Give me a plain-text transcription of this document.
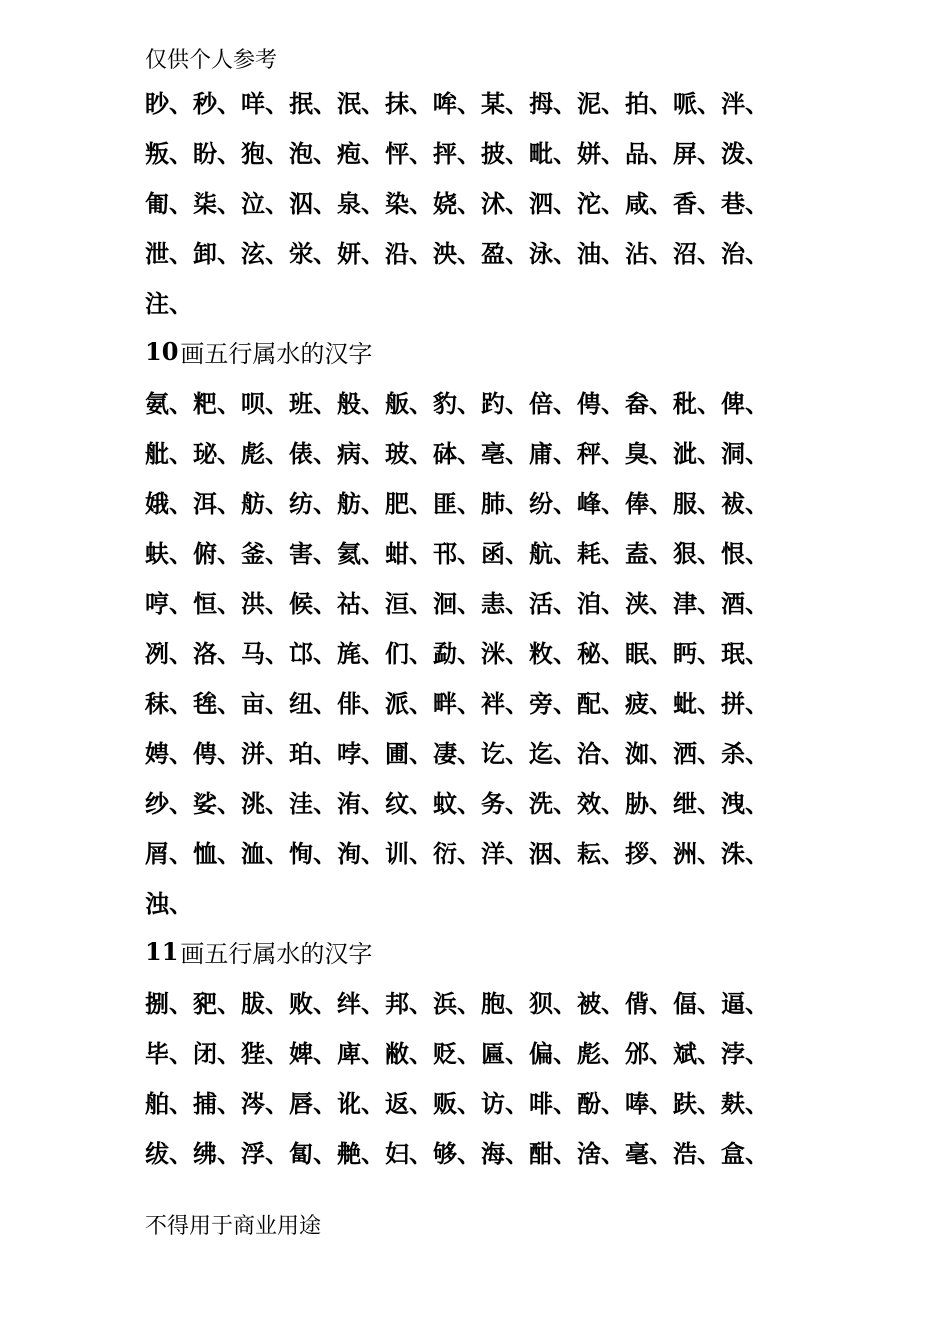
仅供个人参考
眇、秒、咩、抿、泯、抹、哞、某、拇、泥、拍、哌、泮、
叛、盼、狍、泡、疱、怦、抨、披、毗、姘、品、屏、泼、
匍、柒、泣、泅、泉、染、娆、沭、泗、沱、咸、香、巷、
泄、卸、泫、泶、妍、沿、泱、盈、泳、油、沾、沼、治、
注、
10 画五行属水的汉字
氨、粑、呗、班、般、舨、豹、趵、倍、俜、畚、秕、俾、
舭、珌、彪、俵、病、玻、砵、亳、庯、秤、臭、泚、洞、
娥、洱、舫、纺、舫、肥、匪、肺、纷、峰、俸、服、袚、
蚨、俯、釜、害、氦、蚶、邗、函、航、耗、盍、狠、恨、
哼、恒、洪、候、祜、洹、洄、恚、活、洎、浃、津、酒、
冽、洛、马、邙、旄、们、勐、洣、敉、秘、眠、眄、珉、
秣、毪、亩、纽、俳、派、畔、袢、旁、配、疲、蚍、拼、
娉、俜、洴、珀、哱、圃、凄、讫、迄、洽、洳、洒、杀、
纱、娑、洮、洼、洧、纹、蚊、务、洗、效、胁、绁、洩、
屑、恤、洫、恂、洵、训、衍、洋、洇、耘、拶、洲、洙、
浊、
11 画五行属水的汉字
捌、豝、胈、败、绊、邦、浜、胞、狈、被、偝、偪、逼、
毕、闭、狴、婢、庳、敝、贬、匾、偏、彪、邠、斌、浡、
舶、捕、涔、唇、讹、返、贩、访、啡、酚、唪、趺、麸、
绂、绋、浮、匐、艴、妇、够、海、酣、涻、毫、浩、盒、
不得用于商业用途
